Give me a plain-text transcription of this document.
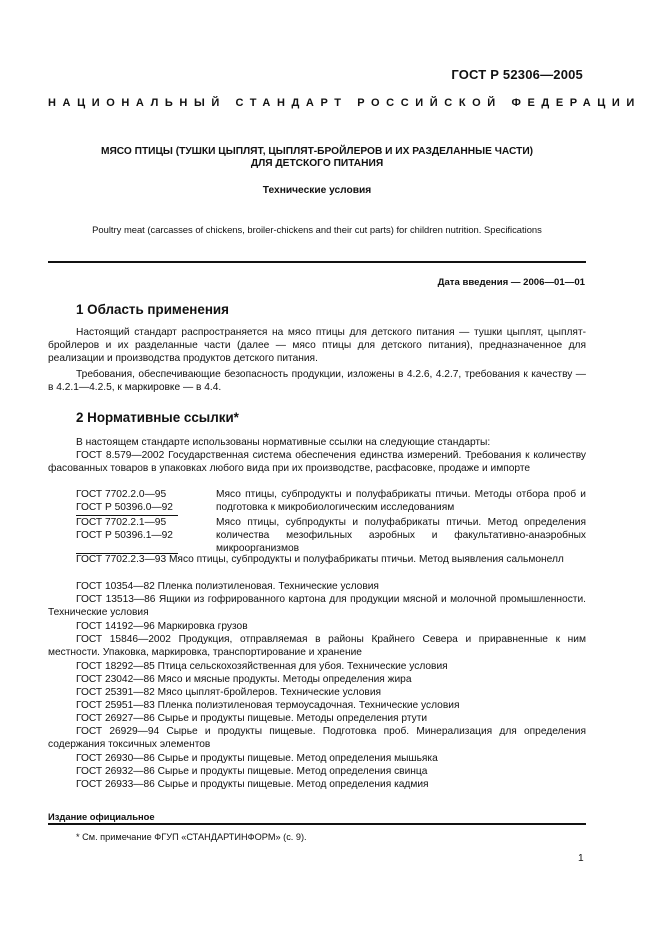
ГОСТ Р 52306—2005
НАЦИОНАЛЬНЫЙ СТАНДАРТ РОССИЙСКОЙ ФЕДЕРАЦИИ
МЯСО ПТИЦЫ (ТУШКИ ЦЫПЛЯТ, ЦЫПЛЯТ-БРОЙЛЕРОВ И ИХ РАЗДЕЛАННЫЕ ЧАСТИ)
ДЛЯ ДЕТСКОГО ПИТАНИЯ
Технические условия
Poultry meat (carcasses of chickens, broiler-chickens and their cut parts) for children nutrition. Specifications
Дата введения — 2006—01—01
1 Область применения
Настоящий стандарт распространяется на мясо птицы для детского питания — тушки цыплят, цыплят-бройлеров и их разделанные части (далее — мясо птицы для детского питания), предназначенное для реализации и производства продуктов детского питания.
Требования, обеспечивающие безопасность продукции, изложены в 4.2.6, 4.2.7, требования к качеству — в 4.2.1—4.2.5, к маркировке — в 4.4.
2 Нормативные ссылки*
В настоящем стандарте использованы нормативные ссылки на следующие стандарты:
ГОСТ 8.579—2002 Государственная система обеспечения единства измерений. Требования к количеству фасованных товаров в упаковках любого вида при их производстве, расфасовке, продаже и импорте
ГОСТ 7702.2.0—95
ГОСТ Р 50396.0—92
Мясо птицы, субпродукты и полуфабрикаты птичьи. Методы отбора проб и подготовка к микробиологическим исследованиям
ГОСТ 7702.2.1—95
ГОСТ Р 50396.1—92
Мясо птицы, субпродукты и полуфабрикаты птичьи. Метод определения количества мезофильных аэробных и факультативно-анаэробных микроорганизмов
ГОСТ 7702.2.3—93 Мясо птицы, субпродукты и полуфабрикаты птичьи. Метод выявления сальмонелл
ГОСТ 10354—82 Пленка полиэтиленовая. Технические условия
ГОСТ 13513—86 Ящики из гофрированного картона для продукции мясной и молочной промышленности. Технические условия
ГОСТ 14192—96 Маркировка грузов
ГОСТ 15846—2002 Продукция, отправляемая в районы Крайнего Севера и приравненные к ним местности. Упаковка, маркировка, транспортирование и хранение
ГОСТ 18292—85 Птица сельскохозяйственная для убоя. Технические условия
ГОСТ 23042—86 Мясо и мясные продукты. Методы определения жира
ГОСТ 25391—82 Мясо цыплят-бройлеров. Технические условия
ГОСТ 25951—83 Пленка полиэтиленовая термоусадочная. Технические условия
ГОСТ 26927—86 Сырье и продукты пищевые. Методы определения ртути
ГОСТ 26929—94 Сырье и продукты пищевые. Подготовка проб. Минерализация для определения содержания токсичных элементов
ГОСТ 26930—86 Сырье и продукты пищевые. Метод определения мышьяка
ГОСТ 26932—86 Сырье и продукты пищевые. Метод определения свинца
ГОСТ 26933—86 Сырье и продукты пищевые. Метод определения кадмия
Издание официальное
* См. примечание ФГУП «СТАНДАРТИНФОРМ» (с. 9).
1
